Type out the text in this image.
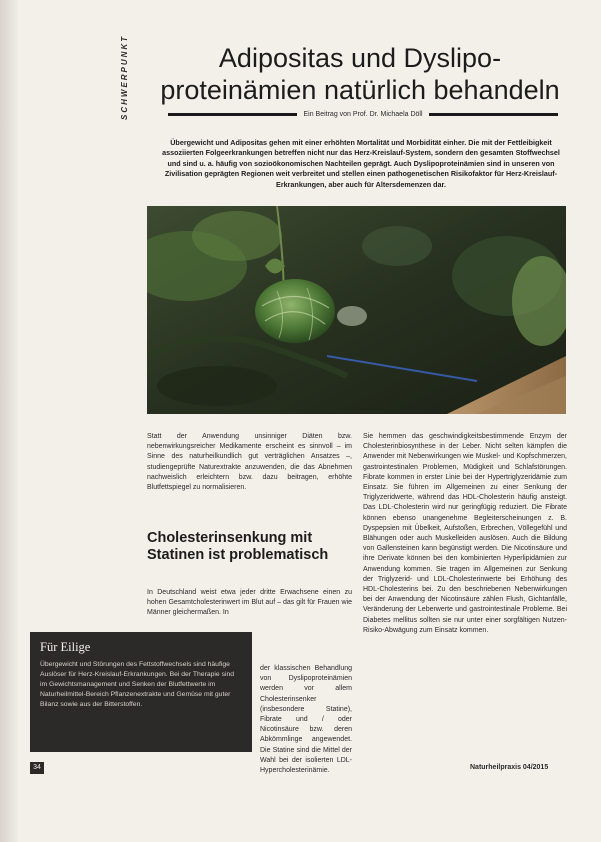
SCHWERPUNKT	Adipositas und Dyslipo-proteinämien natürlich behandeln
Ein Beitrag von Prof. Dr. Michaela Döll

Übergewicht und Adipositas gehen mit einer erhöhten Mortalität und Morbidität einher. Die mit der Fettleibigkeit assoziierten Folgeerkrankungen betreffen nicht nur das Herz-Kreislauf-System, sondern den gesamten Stoffwechsel und sind u. a. häufig von sozioökonomischen Nachteilen geprägt. Auch Dyslipoproteinämien sind in unseren von Zivilisation geprägten Regionen weit verbreitet und stellen einen pathogenetischen Risikofaktor für Herz-Kreislauf-Erkrankungen, aber auch für Altersdemenzen dar.

Statt der Anwendung unsinniger Diäten bzw. nebenwirkungsreicher Medikamente erscheint es sinnvoll – im Sinne des naturheilkundlich gut verträglichen Ansatzes –, studiengeprüfte Naturextrakte anzuwenden, die das Abnehmen nachweislich erleichtern bzw. dazu beitragen, erhöhte Blutfettspiegel zu normalisieren.

Cholesterinsenkung mit Statinen ist problematisch

In Deutschland weist etwa jeder dritte Erwachsene einen zu hohen Gesamtcholesterinwert im Blut auf – das gilt für Frauen wie Männer gleichermaßen. In

der klassischen Behandlung von Dyslipoproteinämien werden vor allem Cholesterinsenker (insbesondere Statine), Fibrate und / oder Nicotinsäure bzw. deren Abkömmlinge angewendet. Die Statine sind die Mittel der Wahl bei der isolierten LDL-Hypercholesterinämie.

Sie hemmen das geschwindigkeitsbestimmende Enzym der Cholesterinbiosynthese in der Leber. Nicht selten kämpfen die Anwender mit Nebenwirkungen wie Muskel- und Kopfschmerzen, gastrointestinalen Problemen, Müdigkeit und Schlafstörungen. Fibrate kommen in erster Linie bei der Hypertriglyzeridämie zum Einsatz. Sie führen im Allgemeinen zu einer Senkung der Triglyzeridwerte, während das HDL-Cholesterin häufig ansteigt. Das LDL-Cholesterin wird nur geringfügig reduziert. Die Fibrate können ebenso unangenehme Begleiterscheinungen z. B. Dyspepsien mit Übelkeit, Aufstoßen, Erbrechen, Völlegefühl und Blähungen oder auch Muskelleiden auslösen. Auch die Bildung von Gallensteinen kann begünstigt werden. Die Nicotinsäure und ihre Derivate können bei den kombinierten Hyperlipidämien zur Anwendung kommen. Sie tragen im Allgemeinen zur Senkung der Triglyzerid- und LDL-Cholesterinwerte bei Erhöhung des HDL-Cholesterins bei. Zu den beschriebenen Nebenwirkungen bei der Anwendung der Nicotinsäure zählen Flush, Gichtanfälle, Veränderung der Leberwerte und gastrointestinale Probleme. Bei Diabetes mellitus sollten sie nur unter einer sorgfältigen Nutzen-Risiko-Abwägung zum Einsatz kommen.

Für Eilige

Übergewicht und Störungen des Fettstoffwechsels sind häufige Auslöser für Herz-Kreislauf-Erkrankungen. Bei der Therapie sind im Gewichtsmanagement und Senken der Blutfettwerte im Naturheilmittel-Bereich Pflanzenextrakte und Gemüse mit guter Bilanz sowie aus der Bitterstoffen.

34	Naturheilpraxis 04/2015
